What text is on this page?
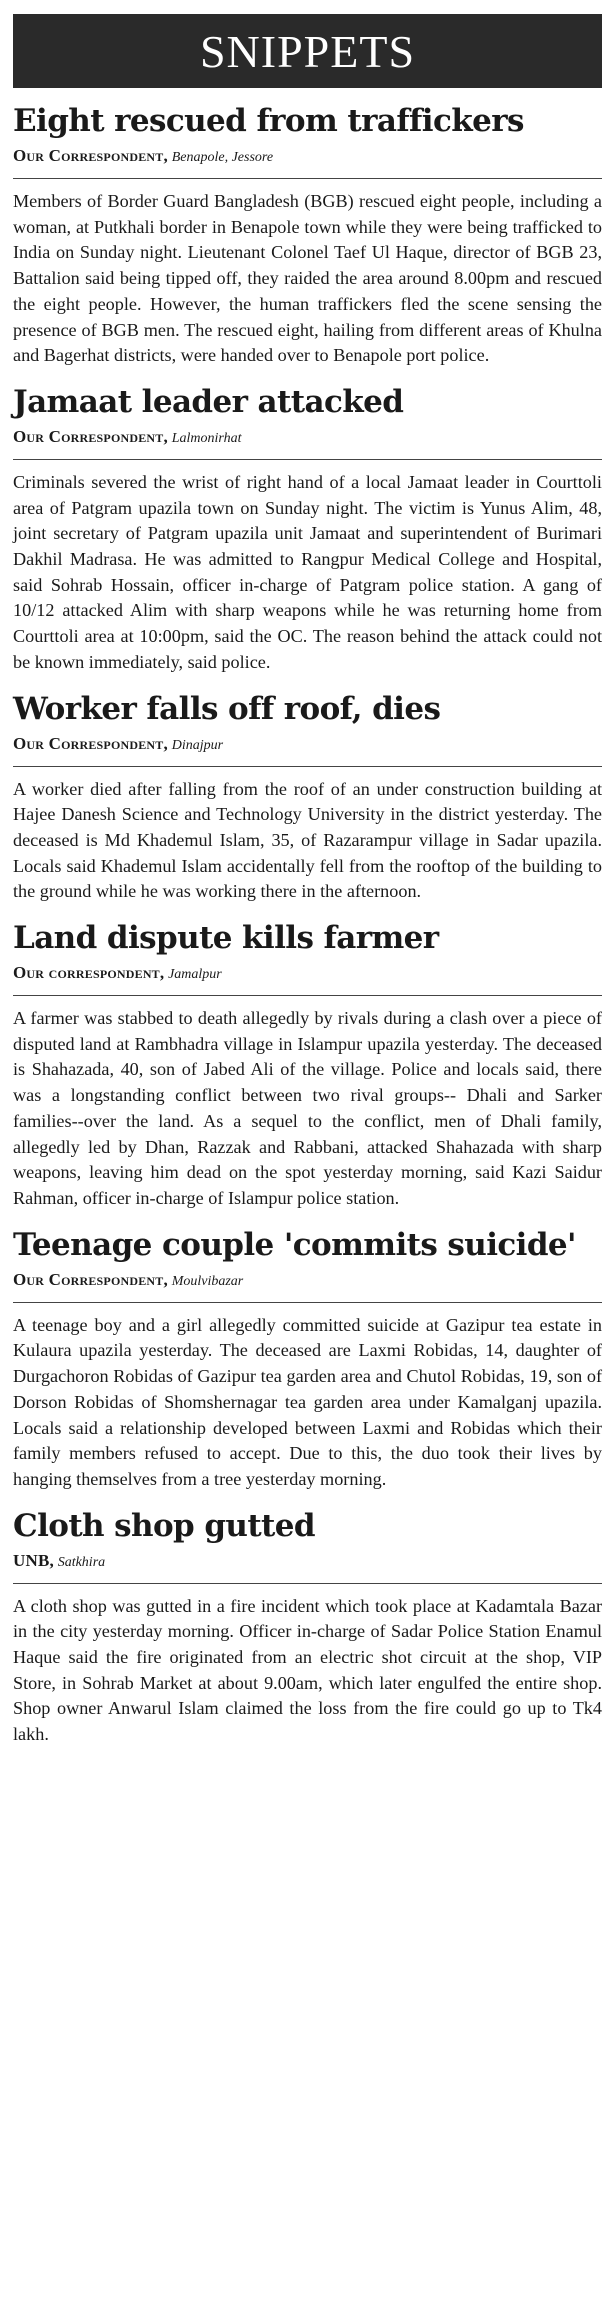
SNIPPETS
Eight rescued from traffickers
Our Correspondent, Benapole, Jessore

Members of Border Guard Bangladesh (BGB) rescued eight people, including a woman, at Putkhali border in Benapole town while they were being trafficked to India on Sunday night. Lieutenant Colonel Taef Ul Haque, director of BGB 23, Battalion said being tipped off, they raided the area around 8.00pm and rescued the eight people. However, the human traffickers fled the scene sensing the presence of BGB men. The rescued eight, hailing from different areas of Khulna and Bagerhat districts, were handed over to Benapole port police.

Jamaat leader attacked
Our Correspondent, Lalmonirhat

Criminals severed the wrist of right hand of a local Jamaat leader in Courttoli area of Patgram upazila town on Sunday night. The victim is Yunus Alim, 48, joint secretary of Patgram upazila unit Jamaat and superintendent of Burimari Dakhil Madrasa. He was admitted to Rangpur Medical College and Hospital, said Sohrab Hossain, officer in-charge of Patgram police station. A gang of 10/12 attacked Alim with sharp weapons while he was returning home from Courttoli area at 10:00pm, said the OC. The reason behind the attack could not be known immediately, said police.

Worker falls off roof, dies
Our Correspondent, Dinajpur

A worker died after falling from the roof of an under construction building at Hajee Danesh Science and Technology University in the district yesterday. The deceased is Md Khademul Islam, 35, of Razarampur village in Sadar upazila. Locals said Khademul Islam accidentally fell from the rooftop of the building to the ground while he was working there in the afternoon.

Land dispute kills farmer
Our correspondent, Jamalpur

A farmer was stabbed to death allegedly by rivals during a clash over a piece of disputed land at Rambhadra village in Islampur upazila yesterday. The deceased is Shahazada, 40, son of Jabed Ali of the village. Police and locals said, there was a longstanding conflict between two rival groups-- Dhali and Sarker families--over the land. As a sequel to the conflict, men of Dhali family, allegedly led by Dhan, Razzak and Rabbani, attacked Shahazada with sharp weapons, leaving him dead on the spot yesterday morning, said Kazi Saidur Rahman, officer in-charge of Islampur police station.

Teenage couple 'commits suicide'
Our Correspondent, Moulvibazar

A teenage boy and a girl allegedly committed suicide at Gazipur tea estate in Kulaura upazila yesterday. The deceased are Laxmi Robidas, 14, daughter of Durgachoron Robidas of Gazipur tea garden area and Chutol Robidas, 19, son of Dorson Robidas of Shomshernagar tea garden area under Kamalganj upazila. Locals said a relationship developed between Laxmi and Robidas which their family members refused to accept. Due to this, the duo took their lives by hanging themselves from a tree yesterday morning.

Cloth shop gutted
UNB, Satkhira

A cloth shop was gutted in a fire incident which took place at Kadamtala Bazar in the city yesterday morning. Officer in-charge of Sadar Police Station Enamul Haque said the fire originated from an electric shot circuit at the shop, VIP Store, in Sohrab Market at about 9.00am, which later engulfed the entire shop. Shop owner Anwarul Islam claimed the loss from the fire could go up to Tk4 lakh.
